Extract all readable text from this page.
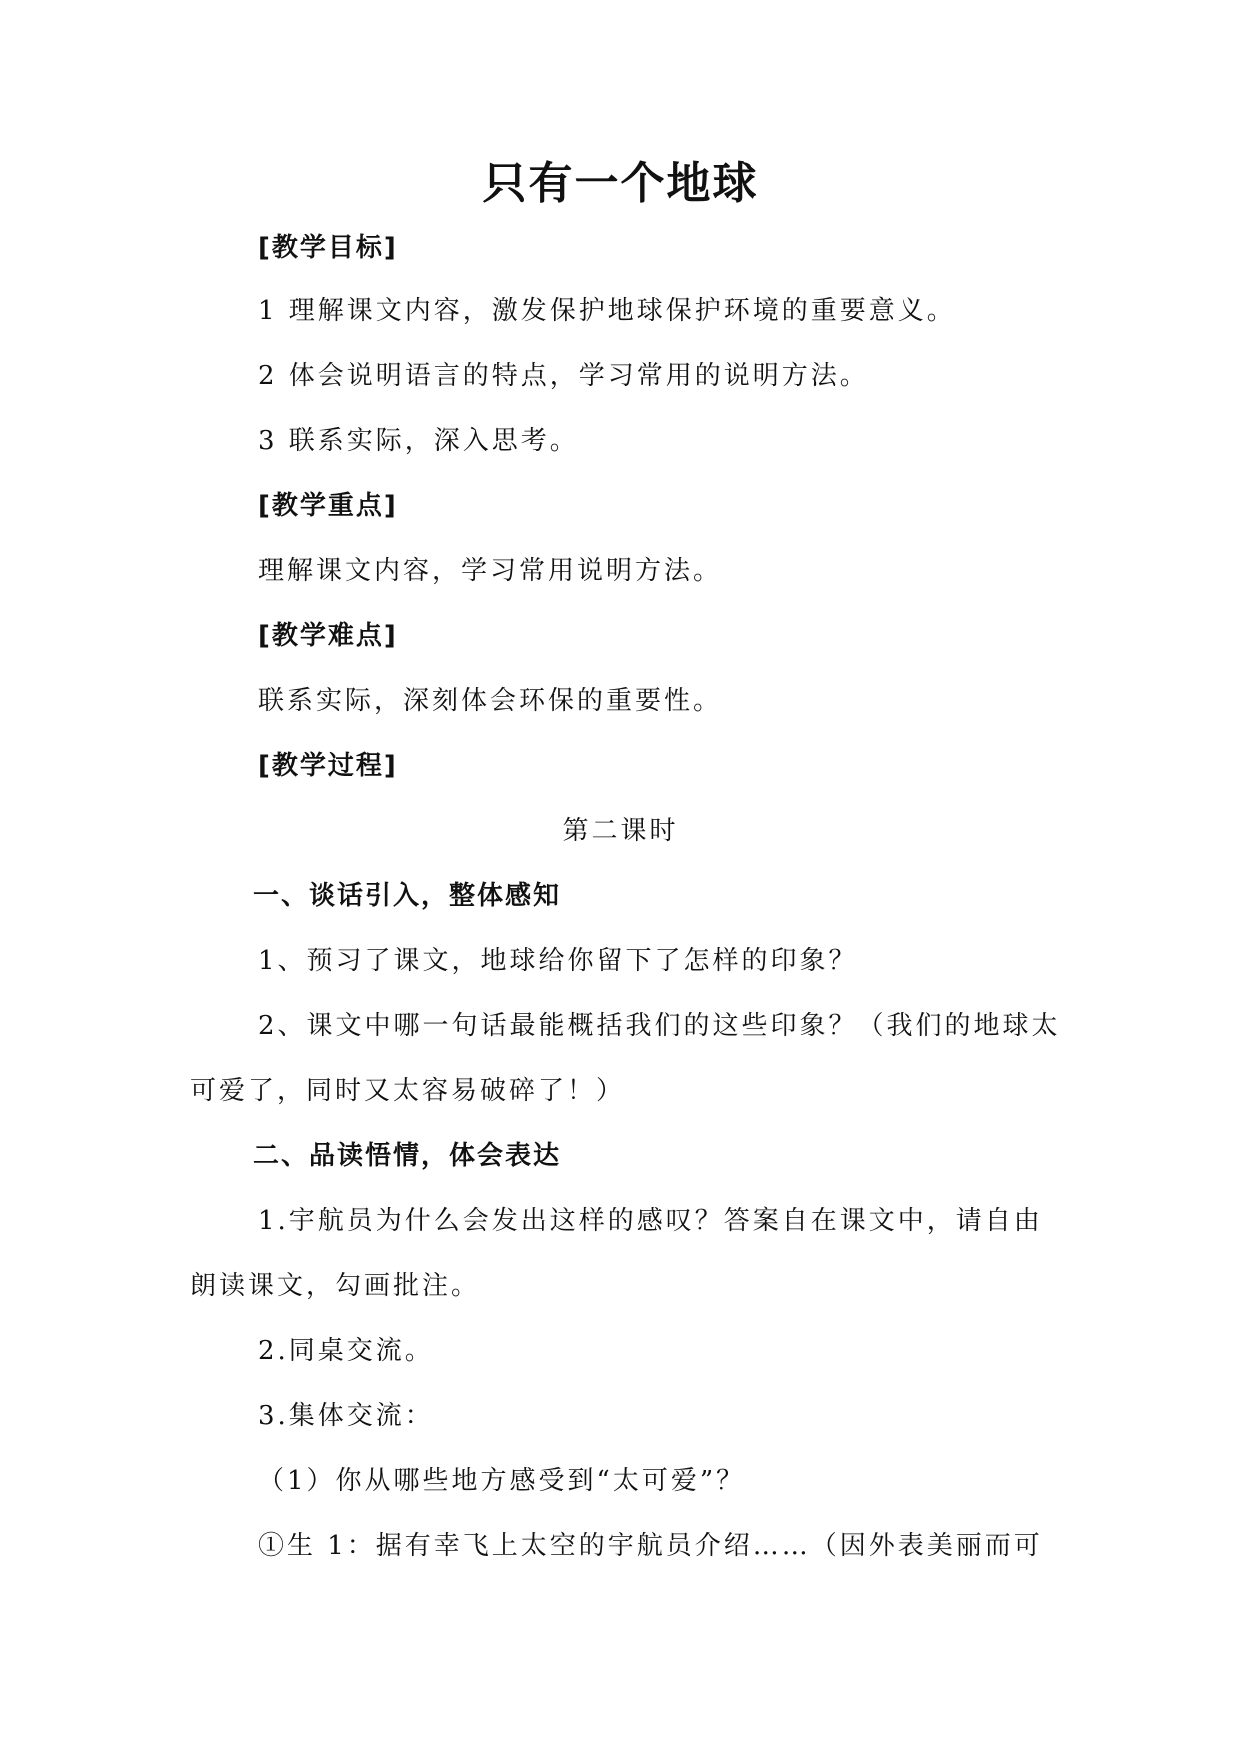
只有一个地球
[教学目标]
1 理解课文内容，激发保护地球保护环境的重要意义。
2 体会说明语言的特点，学习常用的说明方法。
3 联系实际，深入思考。
[教学重点]
理解课文内容，学习常用说明方法。
[教学难点]
联系实际，深刻体会环保的重要性。
[教学过程]
第二课时
一、谈话引入，整体感知
1、预习了课文，地球给你留下了怎样的印象？
2、课文中哪一句话最能概括我们的这些印象？（我们的地球太
可爱了，同时又太容易破碎了！）
二、品读悟情，体会表达
1.宇航员为什么会发出这样的感叹？答案自在课文中，请自由
朗读课文，勾画批注。
2.同桌交流。
3.集体交流：
（1）你从哪些地方感受到“太可爱”？
①生 1：据有幸飞上太空的宇航员介绍……（因外表美丽而可
